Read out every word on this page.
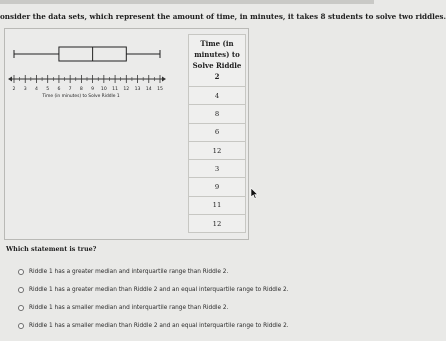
onsider the data sets, which represent the amount of time, in minutes, it takes 8 students to solve two riddles.
2 3 4 5 6 7 8 9 10 11 12 13 14 15
Time (in minutes) to Solve Riddle 1
Time (in minutes) to Solve Riddle 2
4
8
6
12
3
9
11
12
Which statement is true?
Riddle 1 has a greater median and interquartile range than Riddle 2.
Riddle 1 has a greater median than Riddle 2 and an equal interquartile range to Riddle 2.
Riddle 1 has a smaller median and interquartile range than Riddle 2.
Riddle 1 has a smaller median than Riddle 2 and an equal interquartile range to Riddle 2.
